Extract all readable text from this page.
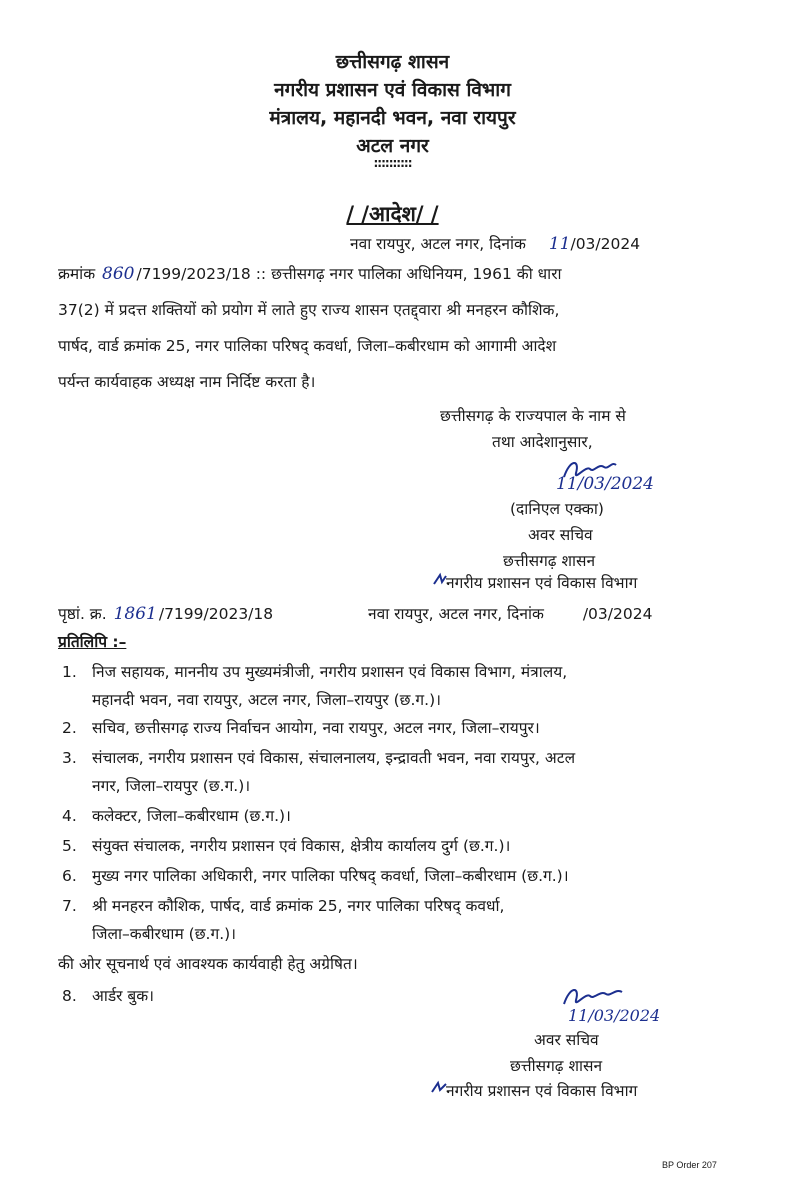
छत्तीसगढ़ शासन
नगरीय प्रशासन एवं विकास विभाग
मंत्रालय, महानदी भवन, नवा रायपुर
अटल नगर
::::::::::
/ /आदेश/ /
नवा रायपुर, अटल नगर, दिनांक 11/03/2024
क्रमांक 860 /7199/2023/18 :: छत्तीसगढ़ नगर पालिका अधिनियम, 1961 की धारा
37(2) में प्रदत्त शक्तियों को प्रयोग में लाते हुए राज्य शासन एतद्द्वारा श्री मनहरन कौशिक,
पार्षद, वार्ड क्रमांक 25, नगर पालिका परिषद् कवर्धा, जिला–कबीरधाम को आगामी आदेश
पर्यन्त कार्यवाहक अध्यक्ष नाम निर्दिष्ट करता है।
छत्तीसगढ़ के राज्यपाल के नाम से
तथा आदेशानुसार,
11/03/2024
(दानिएल एक्का)
अवर सचिव
छत्तीसगढ़ शासन
नगरीय प्रशासन एवं विकास विभाग
पृष्ठां. क्र. 1861 /7199/2023/18	नवा रायपुर, अटल नगर, दिनांक	/03/2024
प्रतिलिपि :–
1. निज सहायक, माननीय उप मुख्यमंत्रीजी, नगरीय प्रशासन एवं विकास विभाग, मंत्रालय,
महानदी भवन, नवा रायपुर, अटल नगर, जिला–रायपुर (छ.ग.)।
2. सचिव, छत्तीसगढ़ राज्य निर्वाचन आयोग, नवा रायपुर, अटल नगर, जिला–रायपुर।
3. संचालक, नगरीय प्रशासन एवं विकास, संचालनालय, इन्द्रावती भवन, नवा रायपुर, अटल
नगर, जिला–रायपुर (छ.ग.)।
4. कलेक्टर, जिला–कबीरधाम (छ.ग.)।
5. संयुक्त संचालक, नगरीय प्रशासन एवं विकास, क्षेत्रीय कार्यालय दुर्ग (छ.ग.)।
6. मुख्य नगर पालिका अधिकारी, नगर पालिका परिषद् कवर्धा, जिला–कबीरधाम (छ.ग.)।
7. श्री मनहरन कौशिक, पार्षद, वार्ड क्रमांक 25, नगर पालिका परिषद् कवर्धा,
जिला–कबीरधाम (छ.ग.)।
की ओर सूचनार्थ एवं आवश्यक कार्यवाही हेतु अग्रेषित।
8. आर्डर बुक।
11/03/2024
अवर सचिव
छत्तीसगढ़ शासन
नगरीय प्रशासन एवं विकास विभाग
BP Order 207
